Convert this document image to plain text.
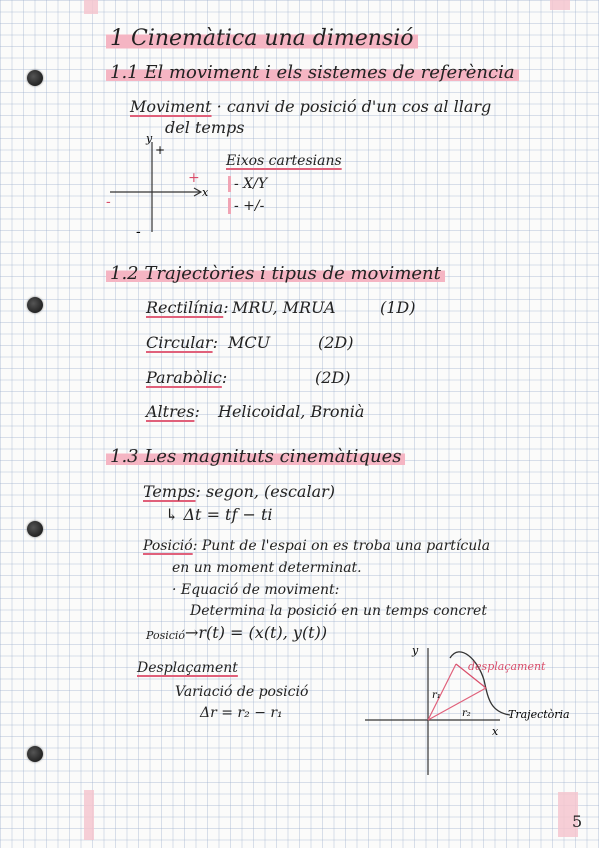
1 Cinemàtica una dimensió
1.1 El moviment i els sistemes de referència
Moviment · canvi de posició d'un cos al llarg
del temps
y
+
+
x
-
-
Eixos cartesians
- X/Y
- +/-
1.2 Trajectòries i tipus de moviment
Rectilínia: MRU, MRUA	(1D)
Circular: MCU	(2D)
Parabòlic:	(2D)
Altres: Helicoidal, Bronià
1.3 Les magnituts cinemàtiques
Temps: segon, (escalar)
↳ Δt = tf − ti
Posició: Punt de l'espai on es troba una partícula
en un moment determinat.
· Equació de moviment:
Determina la posició en un temps concret
Posició →r(t) = (x(t), y(t))
Desplaçament
Variació de posició
Δr = r₂ − r₁
y
x
r₁
r₂
desplaçament
Trajectòria
5
